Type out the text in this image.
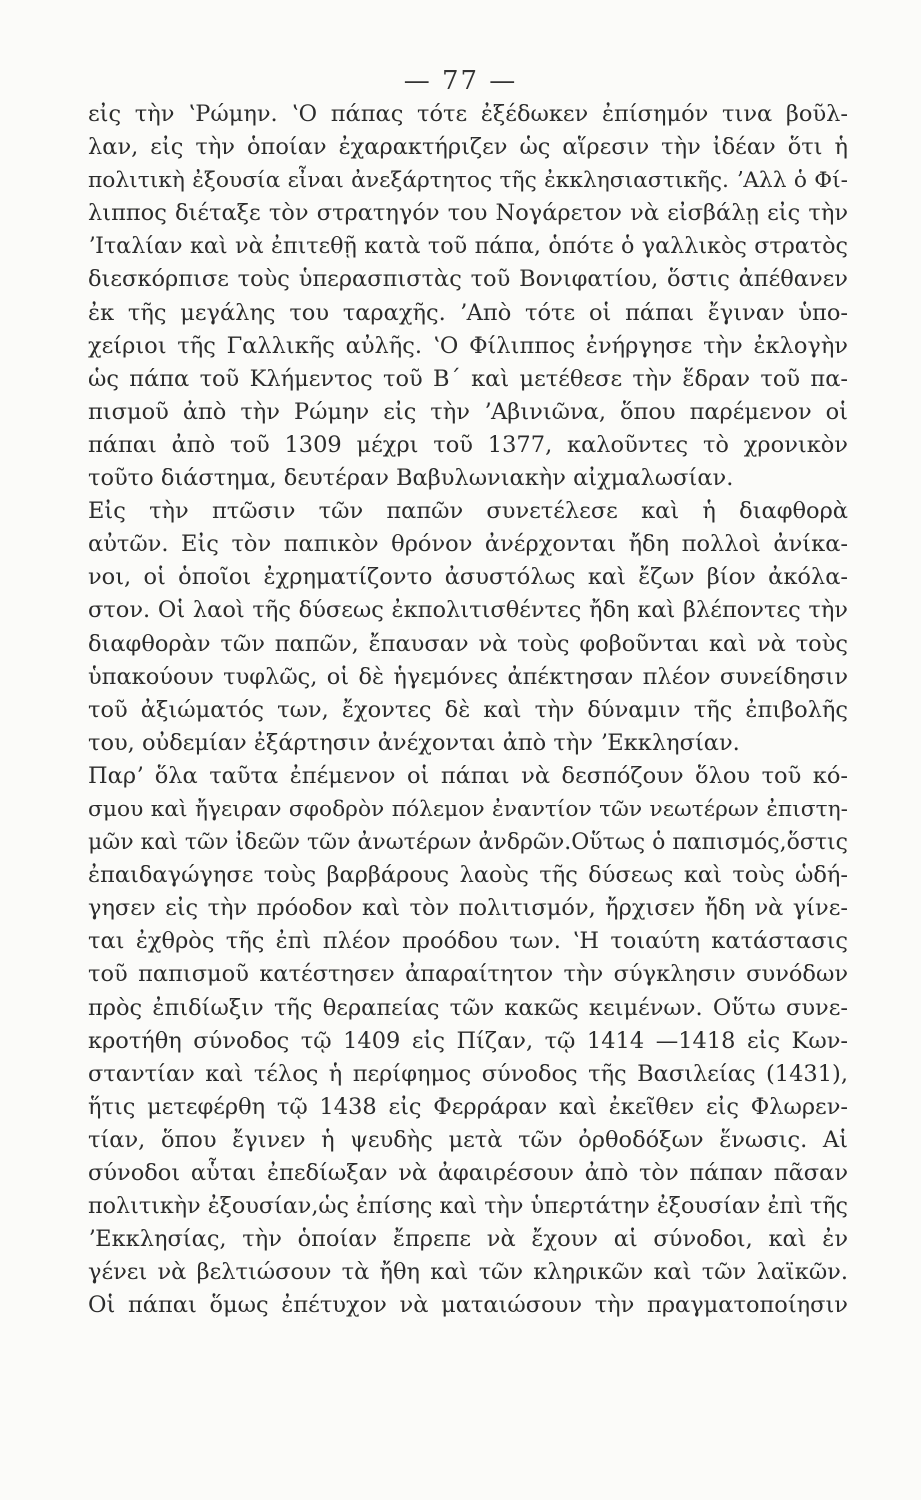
— 77 —
εἰς τὴν ʽΡώμην. ʽΟ πάπας τότε ἐξέδωκεν ἐπίσημόν τινα βοῦλ-
λαν, εἰς τὴν ὁποίαν ἐχαρακτήριζεν ὡς αἵρεσιν τὴν ἰδέαν ὅτι ἡ
πολιτικὴ ἐξουσία εἶναι ἀνεξάρτητος τῆς ἐκκλησιαστικῆς. ʼΑλλ ὁ Φί-
λιππος διέταξε τὸν στρατηγόν του Νογάρετον νὰ εἰσβάλῃ εἰς τὴν
ʼΙταλίαν καὶ νὰ ἐπιτεθῇ κατὰ τοῦ πάπα, ὁπότε ὁ γαλλικὸς στρατὸς
διεσκόρπισε τοὺς ὑπερασπιστὰς τοῦ Βονιφατίου, ὅστις ἀπέθανεν
ἐκ τῆς μεγάλης του ταραχῆς. ʼΑπὸ τότε οἱ πάπαι ἔγιναν ὑπο-
χείριοι τῆς Γαλλικῆς αὐλῆς. ʽΟ Φίλιππος ἐνήργησε τὴν ἐκλογὴν
ὡς πάπα τοῦ Κλήμεντος τοῦ Β΄ καὶ μετέθεσε τὴν ἕδραν τοῦ πα-
πισμοῦ ἀπὸ τὴν Ρώμην εἰς τὴν ʼΑβινιῶνα, ὅπου παρέμενον οἱ
πάπαι ἀπὸ τοῦ 1309 μέχρι τοῦ 1377, καλοῦντες τὸ χρονικὸν
τοῦτο διάστημα, δευτέραν Βαβυλωνιακὴν αἰχμαλωσίαν.
Εἰς τὴν πτῶσιν τῶν παπῶν συνετέλεσε καὶ ἡ διαφθορὰ
αὐτῶν. Εἰς τὸν παπικὸν θρόνον ἀνέρχονται ἤδη πολλοὶ ἀνίκα-
νοι, οἱ ὁποῖοι ἐχρηματίζοντο ἀσυστόλως καὶ ἔζων βίον ἀκόλα-
στον. Οἱ λαοὶ τῆς δύσεως ἐκπολιτισθέντες ἤδη καὶ βλέποντες τὴν
διαφθορὰν τῶν παπῶν, ἔπαυσαν νὰ τοὺς φοβοῦνται καὶ νὰ τοὺς
ὑπακούουν τυφλῶς, οἱ δὲ ἡγεμόνες ἀπέκτησαν πλέον συνείδησιν
τοῦ ἀξιώματός των, ἔχοντες δὲ καὶ τὴν δύναμιν τῆς ἐπιβολῆς
του, οὐδεμίαν ἐξάρτησιν ἀνέχονται ἀπὸ τὴν ʼΕκκλησίαν.
Παρʼ ὅλα ταῦτα ἐπέμενον οἱ πάπαι νὰ δεσπόζουν ὅλου τοῦ κό-
σμου καὶ ἤγειραν σφοδρὸν πόλεμον ἐναντίον τῶν νεωτέρων ἐπιστη-
μῶν καὶ τῶν ἰδεῶν τῶν ἀνωτέρων ἀνδρῶν.Οὕτως ὁ παπισμός,ὅστις
ἐπαιδαγώγησε τοὺς βαρβάρους λαοὺς τῆς δύσεως καὶ τοὺς ὡδή-
γησεν εἰς τὴν πρόοδον καὶ τὸν πολιτισμόν, ἤρχισεν ἤδη νὰ γίνε-
ται ἐχθρὸς τῆς ἐπὶ πλέον προόδου των. ʽΗ τοιαύτη κατάστασις
τοῦ παπισμοῦ κατέστησεν ἀπαραίτητον τὴν σύγκλησιν συνόδων
πρὸς ἐπιδίωξιν τῆς θεραπείας τῶν κακῶς κειμένων. Οὕτω συνε-
κροτήθη σύνοδος τῷ 1409 εἰς Πίζαν, τῷ 1414 —1418 εἰς Κων-
σταντίαν καὶ τέλος ἡ περίφημος σύνοδος τῆς Βασιλείας (1431),
ἥτις μετεφέρθη τῷ 1438 εἰς Φερράραν καὶ ἐκεῖθεν εἰς Φλωρεν-
τίαν, ὅπου ἔγινεν ἡ ψευδὴς μετὰ τῶν ὀρθοδόξων ἕνωσις. Αἱ
σύνοδοι αὗται ἐπεδίωξαν νὰ ἀφαιρέσουν ἀπὸ τὸν πάπαν πᾶσαν
πολιτικὴν ἐξουσίαν,ὡς ἐπίσης καὶ τὴν ὑπερτάτην ἐξουσίαν ἐπὶ τῆς
ʼΕκκλησίας, τὴν ὁποίαν ἔπρεπε νὰ ἔχουν αἱ σύνοδοι, καὶ ἐν
γένει νὰ βελτιώσουν τὰ ἤθη καὶ τῶν κληρικῶν καὶ τῶν λαϊκῶν.
Οἱ πάπαι ὅμως ἐπέτυχον νὰ ματαιώσουν τὴν πραγματοποίησιν
